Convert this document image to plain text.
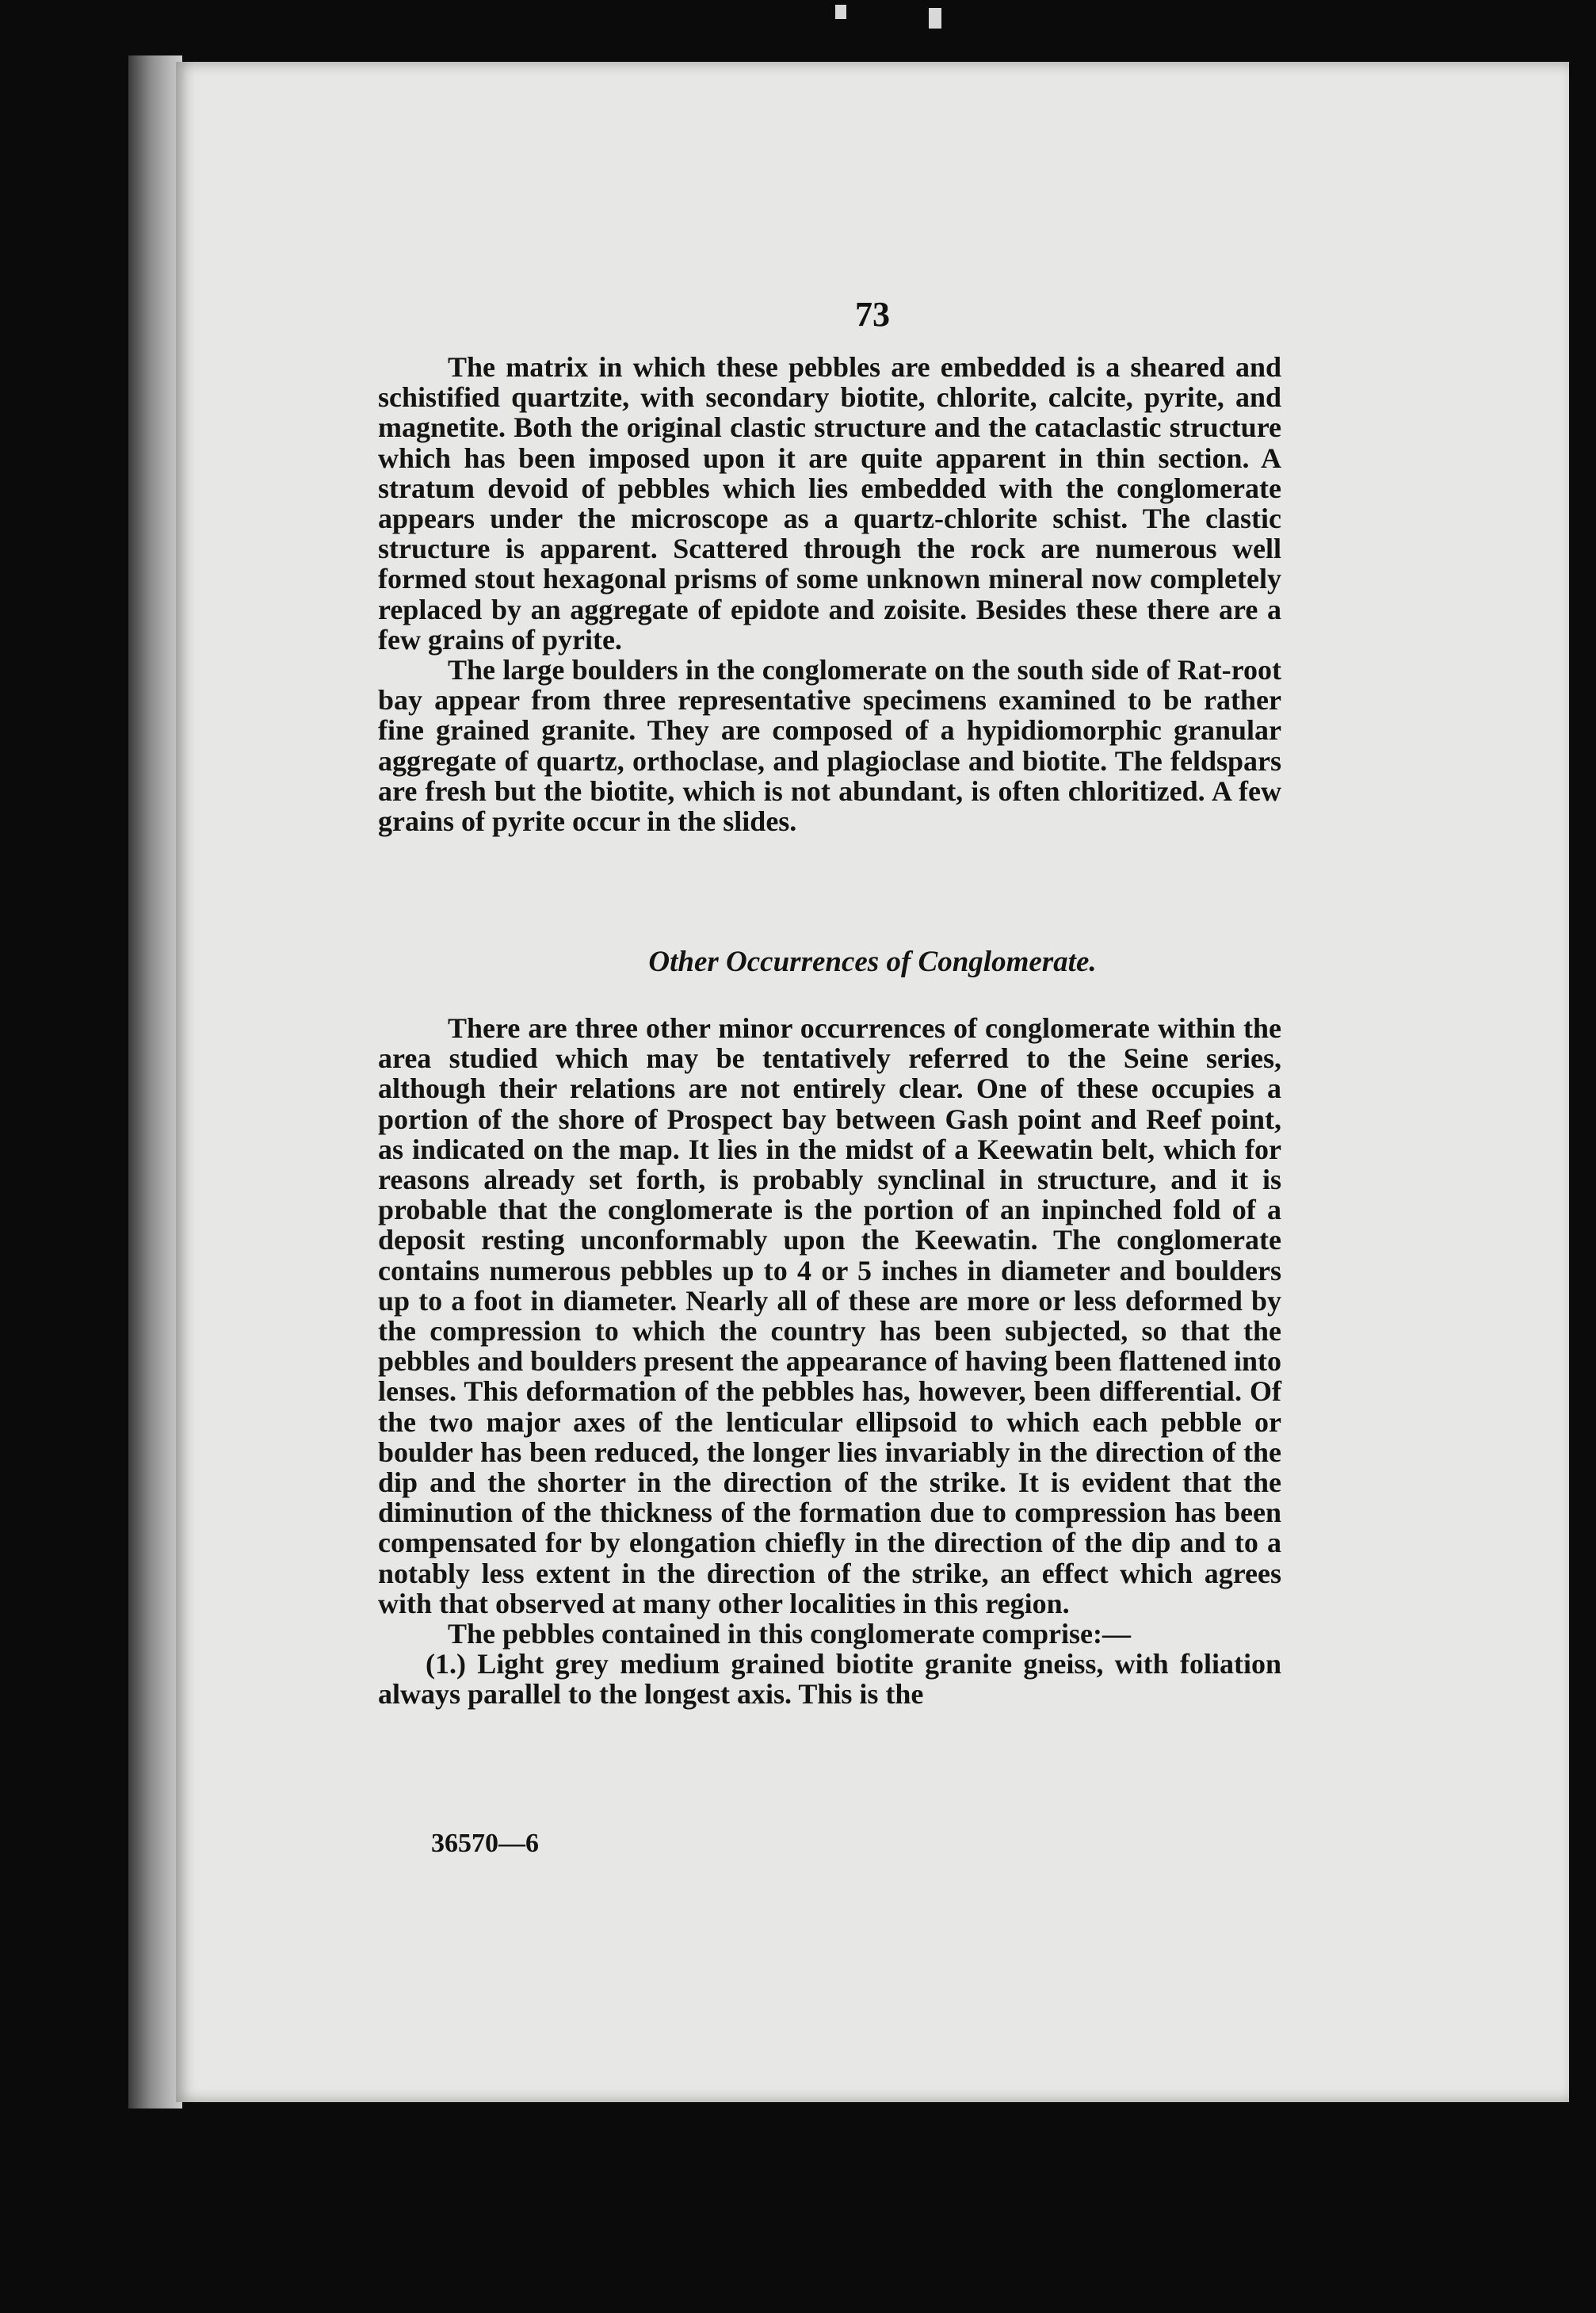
73

The matrix in which these pebbles are embedded is a sheared and schistified quartzite, with secondary biotite, chlorite, calcite, pyrite, and magnetite. Both the original clastic structure and the cataclastic structure which has been imposed upon it are quite apparent in thin section. A stratum devoid of pebbles which lies embedded with the conglomerate appears under the microscope as a quartz-chlorite schist. The clastic structure is apparent. Scattered through the rock are numerous well formed stout hexagonal prisms of some unknown mineral now completely replaced by an aggregate of epidote and zoisite. Besides these there are a few grains of pyrite.

The large boulders in the conglomerate on the south side of Rat-root bay appear from three representative specimens examined to be rather fine grained granite. They are composed of a hypidiomorphic granular aggregate of quartz, orthoclase, and plagioclase and biotite. The feldspars are fresh but the biotite, which is not abundant, is often chloritized. A few grains of pyrite occur in the slides.

Other Occurrences of Conglomerate.

There are three other minor occurrences of conglomerate within the area studied which may be tentatively referred to the Seine series, although their relations are not entirely clear. One of these occupies a portion of the shore of Prospect bay between Gash point and Reef point, as indicated on the map. It lies in the midst of a Keewatin belt, which for reasons already set forth, is probably synclinal in structure, and it is probable that the conglomerate is the portion of an inpinched fold of a deposit resting unconformably upon the Keewatin. The conglomerate contains numerous pebbles up to 4 or 5 inches in diameter and boulders up to a foot in diameter. Nearly all of these are more or less deformed by the compression to which the country has been subjected, so that the pebbles and boulders present the appearance of having been flattened into lenses. This deformation of the pebbles has, however, been differential. Of the two major axes of the lenticular ellipsoid to which each pebble or boulder has been reduced, the longer lies invariably in the direction of the dip and the shorter in the direction of the strike. It is evident that the diminution of the thickness of the formation due to compression has been compensated for by elongation chiefly in the direction of the dip and to a notably less extent in the direction of the strike, an effect which agrees with that observed at many other localities in this region.

The pebbles contained in this conglomerate comprise:—

(1.) Light grey medium grained biotite granite gneiss, with foliation always parallel to the longest axis. This is the

36570—6
